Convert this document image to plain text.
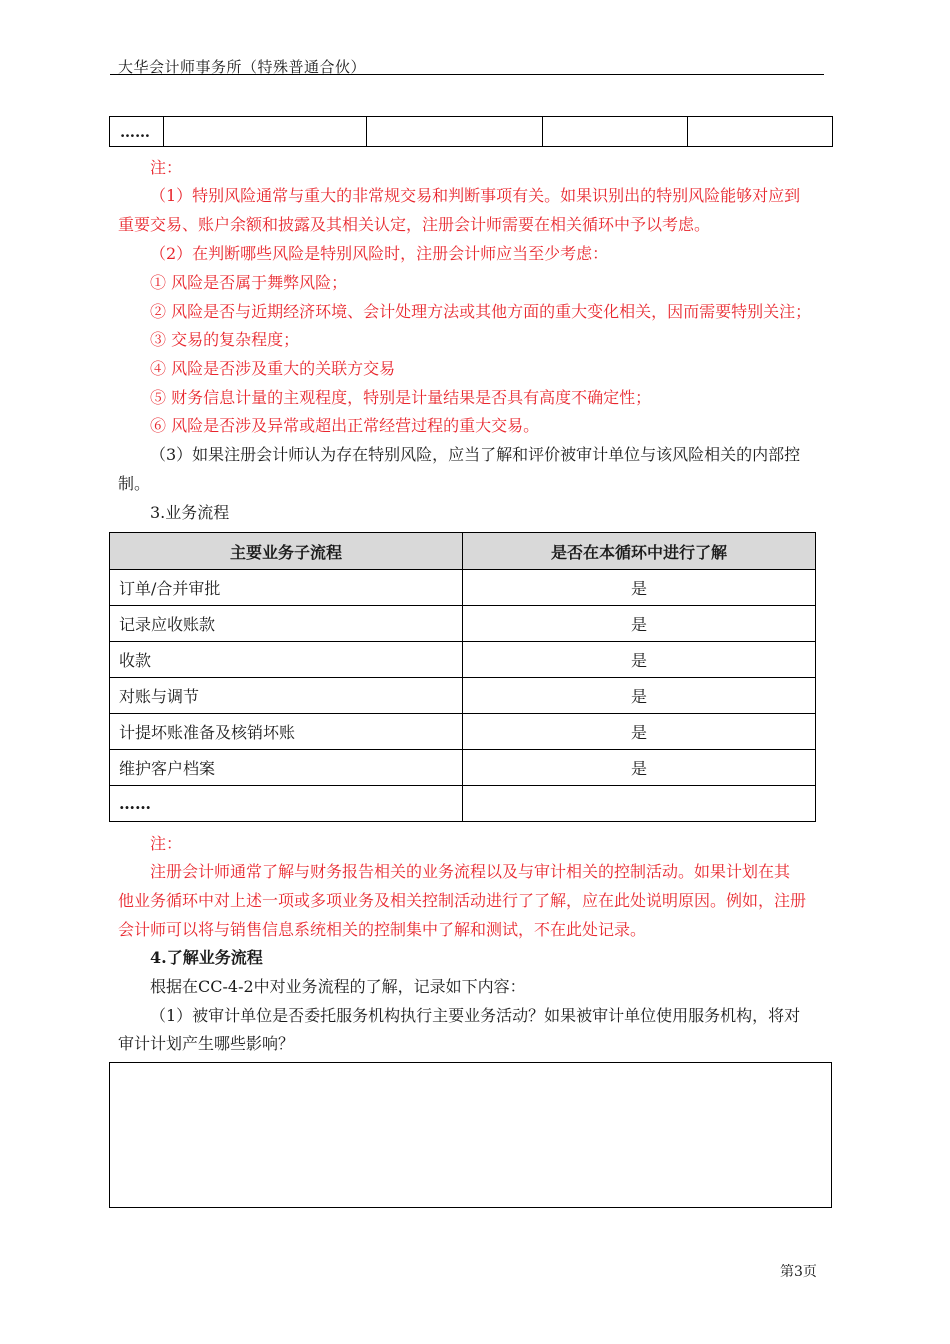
大华会计师事务所（特殊普通合伙）
……				
注：
（1）特别风险通常与重大的非常规交易和判断事项有关。如果识别出的特别风险能够对应到
重要交易、账户余额和披露及其相关认定，注册会计师需要在相关循环中予以考虑。
（2）在判断哪些风险是特别风险时，注册会计师应当至少考虑：
① 风险是否属于舞弊风险；
② 风险是否与近期经济环境、会计处理方法或其他方面的重大变化相关，因而需要特别关注；
③ 交易的复杂程度；
④ 风险是否涉及重大的关联方交易
⑤ 财务信息计量的主观程度，特别是计量结果是否具有高度不确定性；
⑥ 风险是否涉及异常或超出正常经营过程的重大交易。
（3）如果注册会计师认为存在特别风险，应当了解和评价被审计单位与该风险相关的内部控
制。
3.业务流程
主要业务子流程	是否在本循环中进行了解
订单/合并审批	是
记录应收账款	是
收款	是
对账与调节	是
计提坏账准备及核销坏账	是
维护客户档案	是
……	
注：
注册会计师通常了解与财务报告相关的业务流程以及与审计相关的控制活动。如果计划在其
他业务循环中对上述一项或多项业务及相关控制活动进行了了解，应在此处说明原因。例如，注册
会计师可以将与销售信息系统相关的控制集中了解和测试，不在此处记录。
4.了解业务流程
根据在CC-4-2中对业务流程的了解，记录如下内容：
（1）被审计单位是否委托服务机构执行主要业务活动？如果被审计单位使用服务机构，将对
审计计划产生哪些影响？
第3页
